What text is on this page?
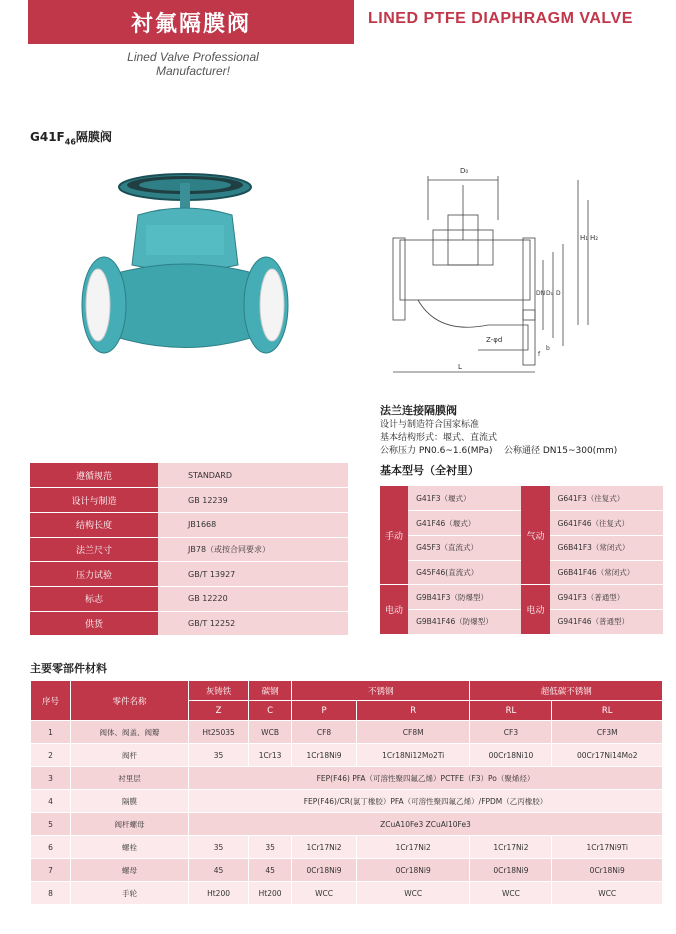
衬氟隔膜阀	LINED PTFE DIAPHRAGM VALVE
Lined Valve Professional
Manufacturer!
$G41F_{46}$隔膜阀
D₀
H₁ H₂
DN D₁ D
Z-φd
f
b
L
法兰连接隔膜阀
设计与制造符合国家标准
基本结构形式：堰式、直流式
公称压力 PN0.6~1.6(MPa) 公称通径 DN15~300(mm)
遵循规范	STANDARD
设计与制造	GB 12239
结构长度	JB1668
法兰尺寸	JB78（或按合同要求）
压力试验	GB/T 13927
标志	GB 12220
供货	GB/T 12252
基本型号（全衬里）
手动	G41F3（堰式）	气动	G641F3（往复式）
	G41F46（堰式）		G641F46（往复式）
	G45F3（直流式）		G6B41F3（常闭式）
	G45F46(直流式）		G6B41F46（常闭式）
电动	G9B41F3（防爆型）	电动	G941F3（普通型）
	G9B41F46（防爆型）		G941F46（普通型）
主要零部件材料
序号	零件名称	灰铸铁	碳钢	不锈钢		超低碳不锈钢	
		Z	C	P	R	RL	RL
1	阀体、阀盖、阀瓣	Ht25035	WCB	CF8	CF8M	CF3	CF3M
2	阀杆	35	1Cr13	1Cr18Ni9	1Cr18Ni12Mo2Ti	00Cr18Ni10	00Cr17Ni14Mo2
3	衬里层	FEP(F46) PFA（可溶性聚四氟乙烯）PCTFE（F3）Po（聚烯烃）					
4	隔膜	FEP(F46)/CR(氯丁橡胶）PFA（可溶性聚四氟乙烯）/FPDM（乙丙橡胶）					
5	阀杆螺母	ZCuA10Fe3 ZCuAl10Fe3					
6	螺栓	35	35	1Cr17Ni2	1Cr17Ni2	1Cr17Ni2	1Cr17Ni9Ti
7	螺母	45	45	0Cr18Ni9	0Cr18Ni9	0Cr18Ni9	0Cr18Ni9
8	手轮	Ht200	Ht200	WCC	WCC	WCC	WCC
